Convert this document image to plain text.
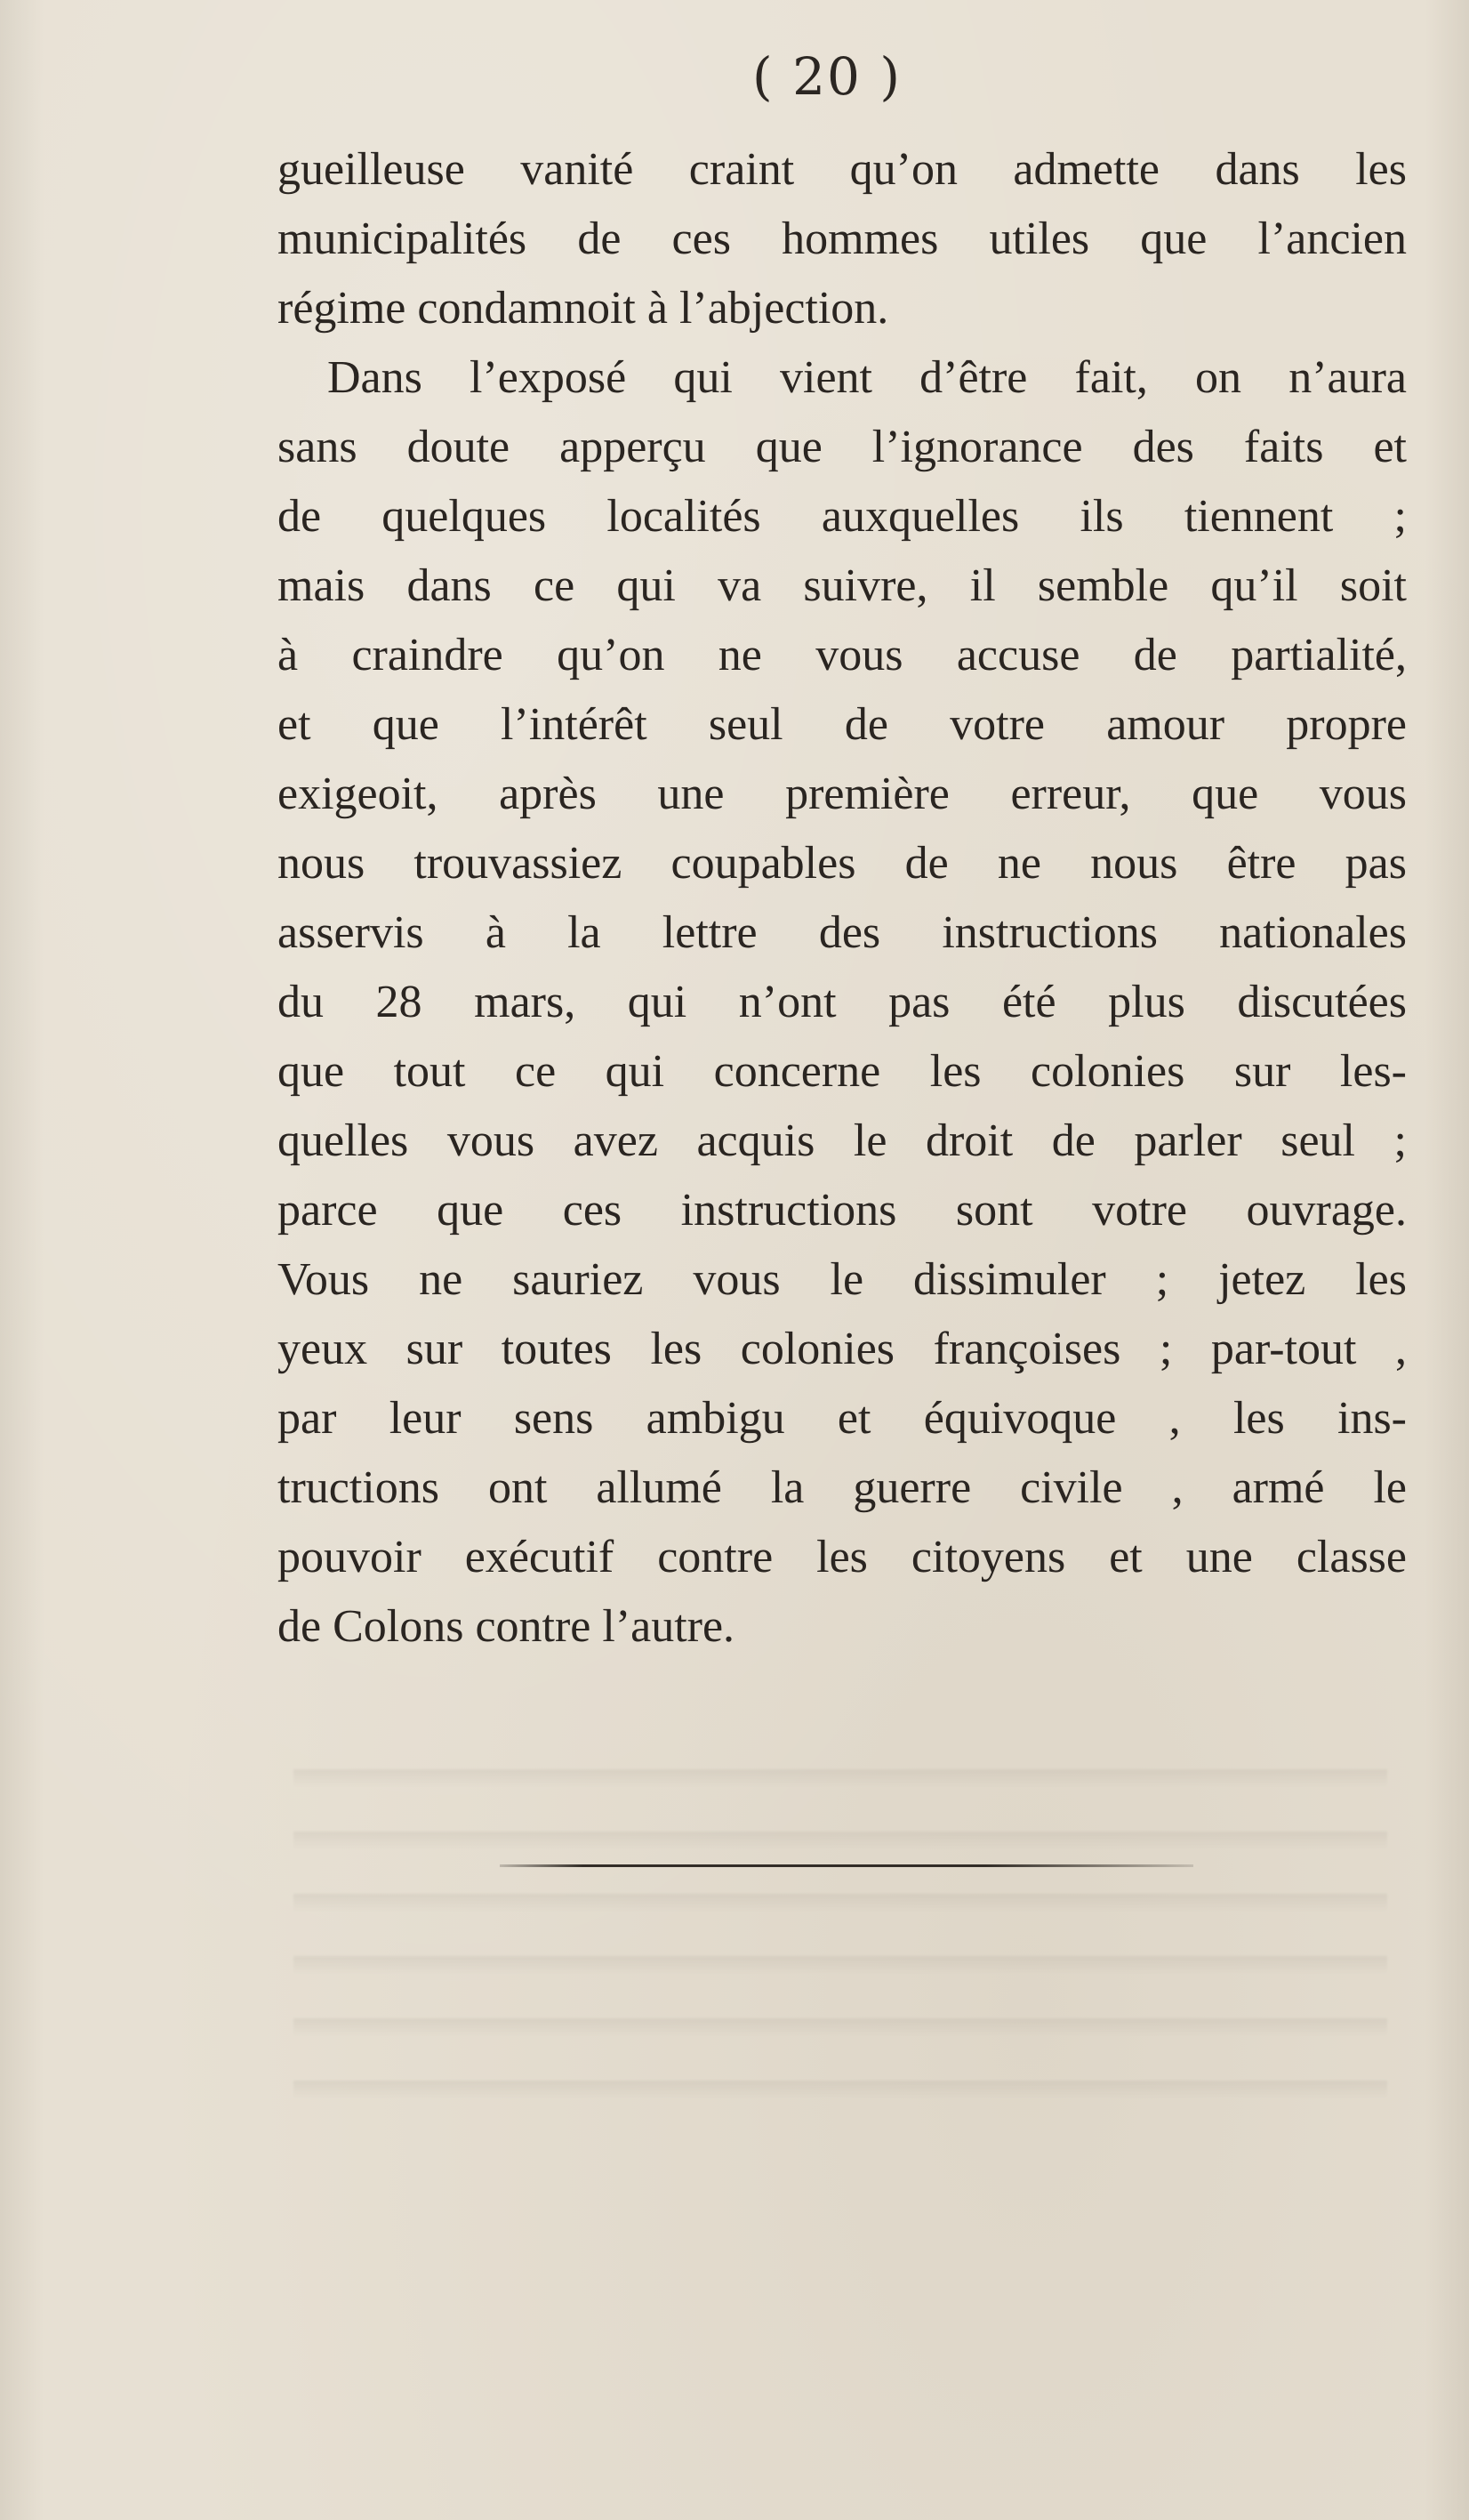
( 20 )
gueilleuse vanité craint qu’on admette dans les
municipalités de ces hommes utiles que l’ancien
régime condamnoit à l’abjection.
Dans l’exposé qui vient d’être fait, on n’aura
sans doute apperçu que l’ignorance des faits et
de quelques localités auxquelles ils tiennent ;
mais dans ce qui va suivre, il semble qu’il soit
à craindre qu’on ne vous accuse de partialité,
et que l’intérêt seul de votre amour propre
exigeoit, après une première erreur, que vous
nous trouvassiez coupables de ne nous être pas
asservis à la lettre des instructions nationales
du 28 mars, qui n’ont pas été plus discutées
que tout ce qui concerne les colonies sur les-
quelles vous avez acquis le droit de parler seul ;
parce que ces instructions sont votre ouvrage.
Vous ne sauriez vous le dissimuler ; jetez les
yeux sur toutes les colonies françoises ; par-tout ,
par leur sens ambigu et équivoque , les ins-
tructions ont allumé la guerre civile , armé le
pouvoir exécutif contre les citoyens et une classe
de Colons contre l’autre.
